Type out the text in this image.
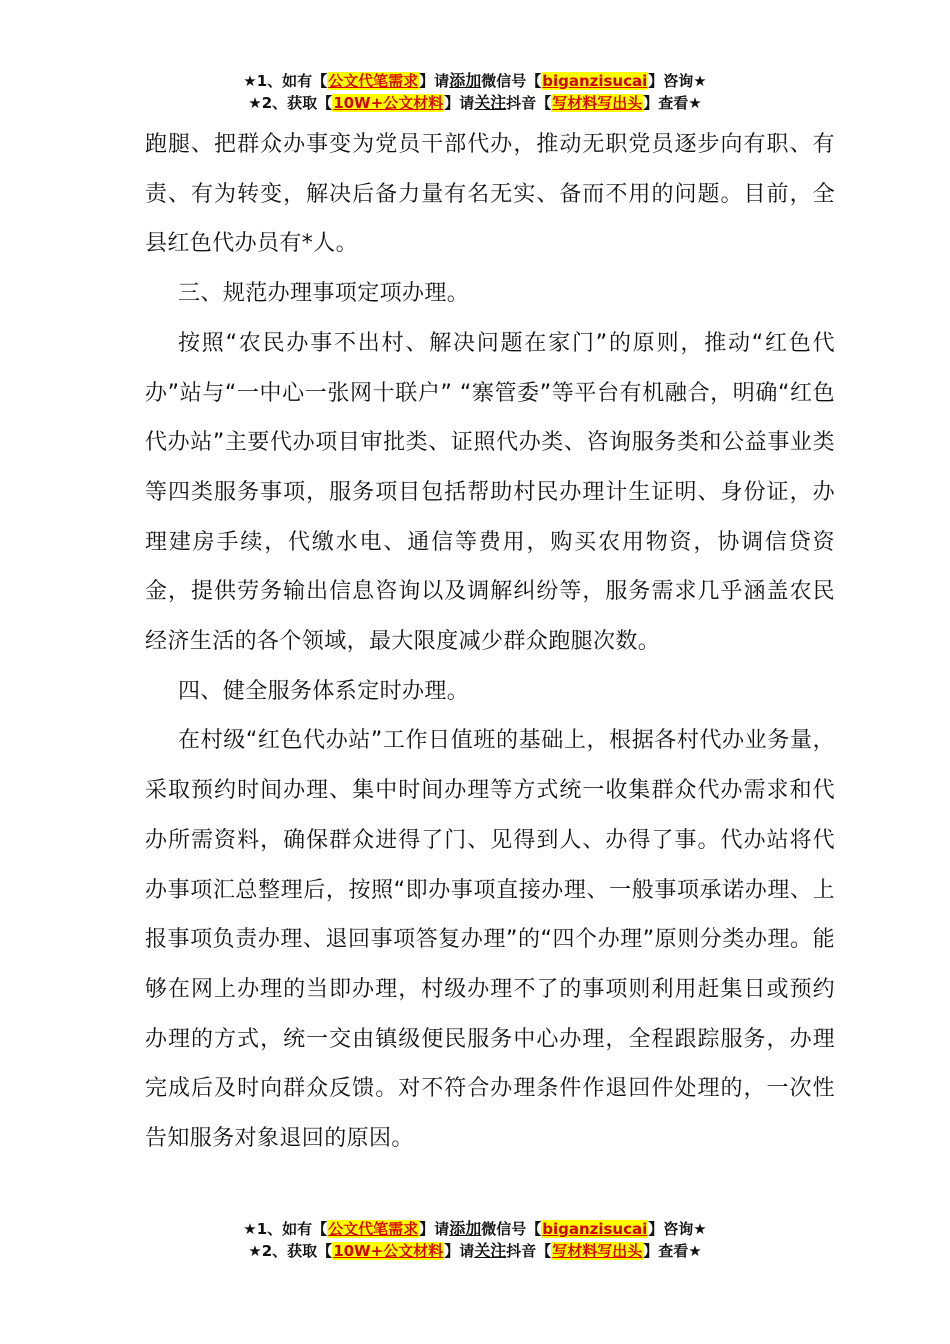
★1、如有【公文代笔需求】请添加微信号【biganzisucai】咨询★
★2、获取【10W+公文材料】请关注抖音【写材料写出头】查看★

跑腿、把群众办事变为党员干部代办，推动无职党员逐步向有职、有责、有为转变，解决后备力量有名无实、备而不用的问题。目前，全县红色代办员有*人。

三、规范办理事项定项办理。

按照“农民办事不出村、解决问题在家门”的原则，推动“红色代办”站与“一中心一张网十联户” “寨管委”等平台有机融合，明确“红色代办站”主要代办项目审批类、证照代办类、咨询服务类和公益事业类等四类服务事项，服务项目包括帮助村民办理计生证明、身份证，办理建房手续，代缴水电、通信等费用，购买农用物资，协调信贷资金，提供劳务输出信息咨询以及调解纠纷等，服务需求几乎涵盖农民经济生活的各个领域，最大限度减少群众跑腿次数。

四、健全服务体系定时办理。

在村级“红色代办站”工作日值班的基础上，根据各村代办业务量，采取预约时间办理、集中时间办理等方式统一收集群众代办需求和代办所需资料，确保群众进得了门、见得到人、办得了事。代办站将代办事项汇总整理后，按照“即办事项直接办理、一般事项承诺办理、上报事项负责办理、退回事项答复办理”的“四个办理”原则分类办理。能够在网上办理的当即办理，村级办理不了的事项则利用赶集日或预约办理的方式，统一交由镇级便民服务中心办理，全程跟踪服务，办理完成后及时向群众反馈。对不符合办理条件作退回件处理的，一次性告知服务对象退回的原因。

★1、如有【公文代笔需求】请添加微信号【biganzisucai】咨询★
★2、获取【10W+公文材料】请关注抖音【写材料写出头】查看★
